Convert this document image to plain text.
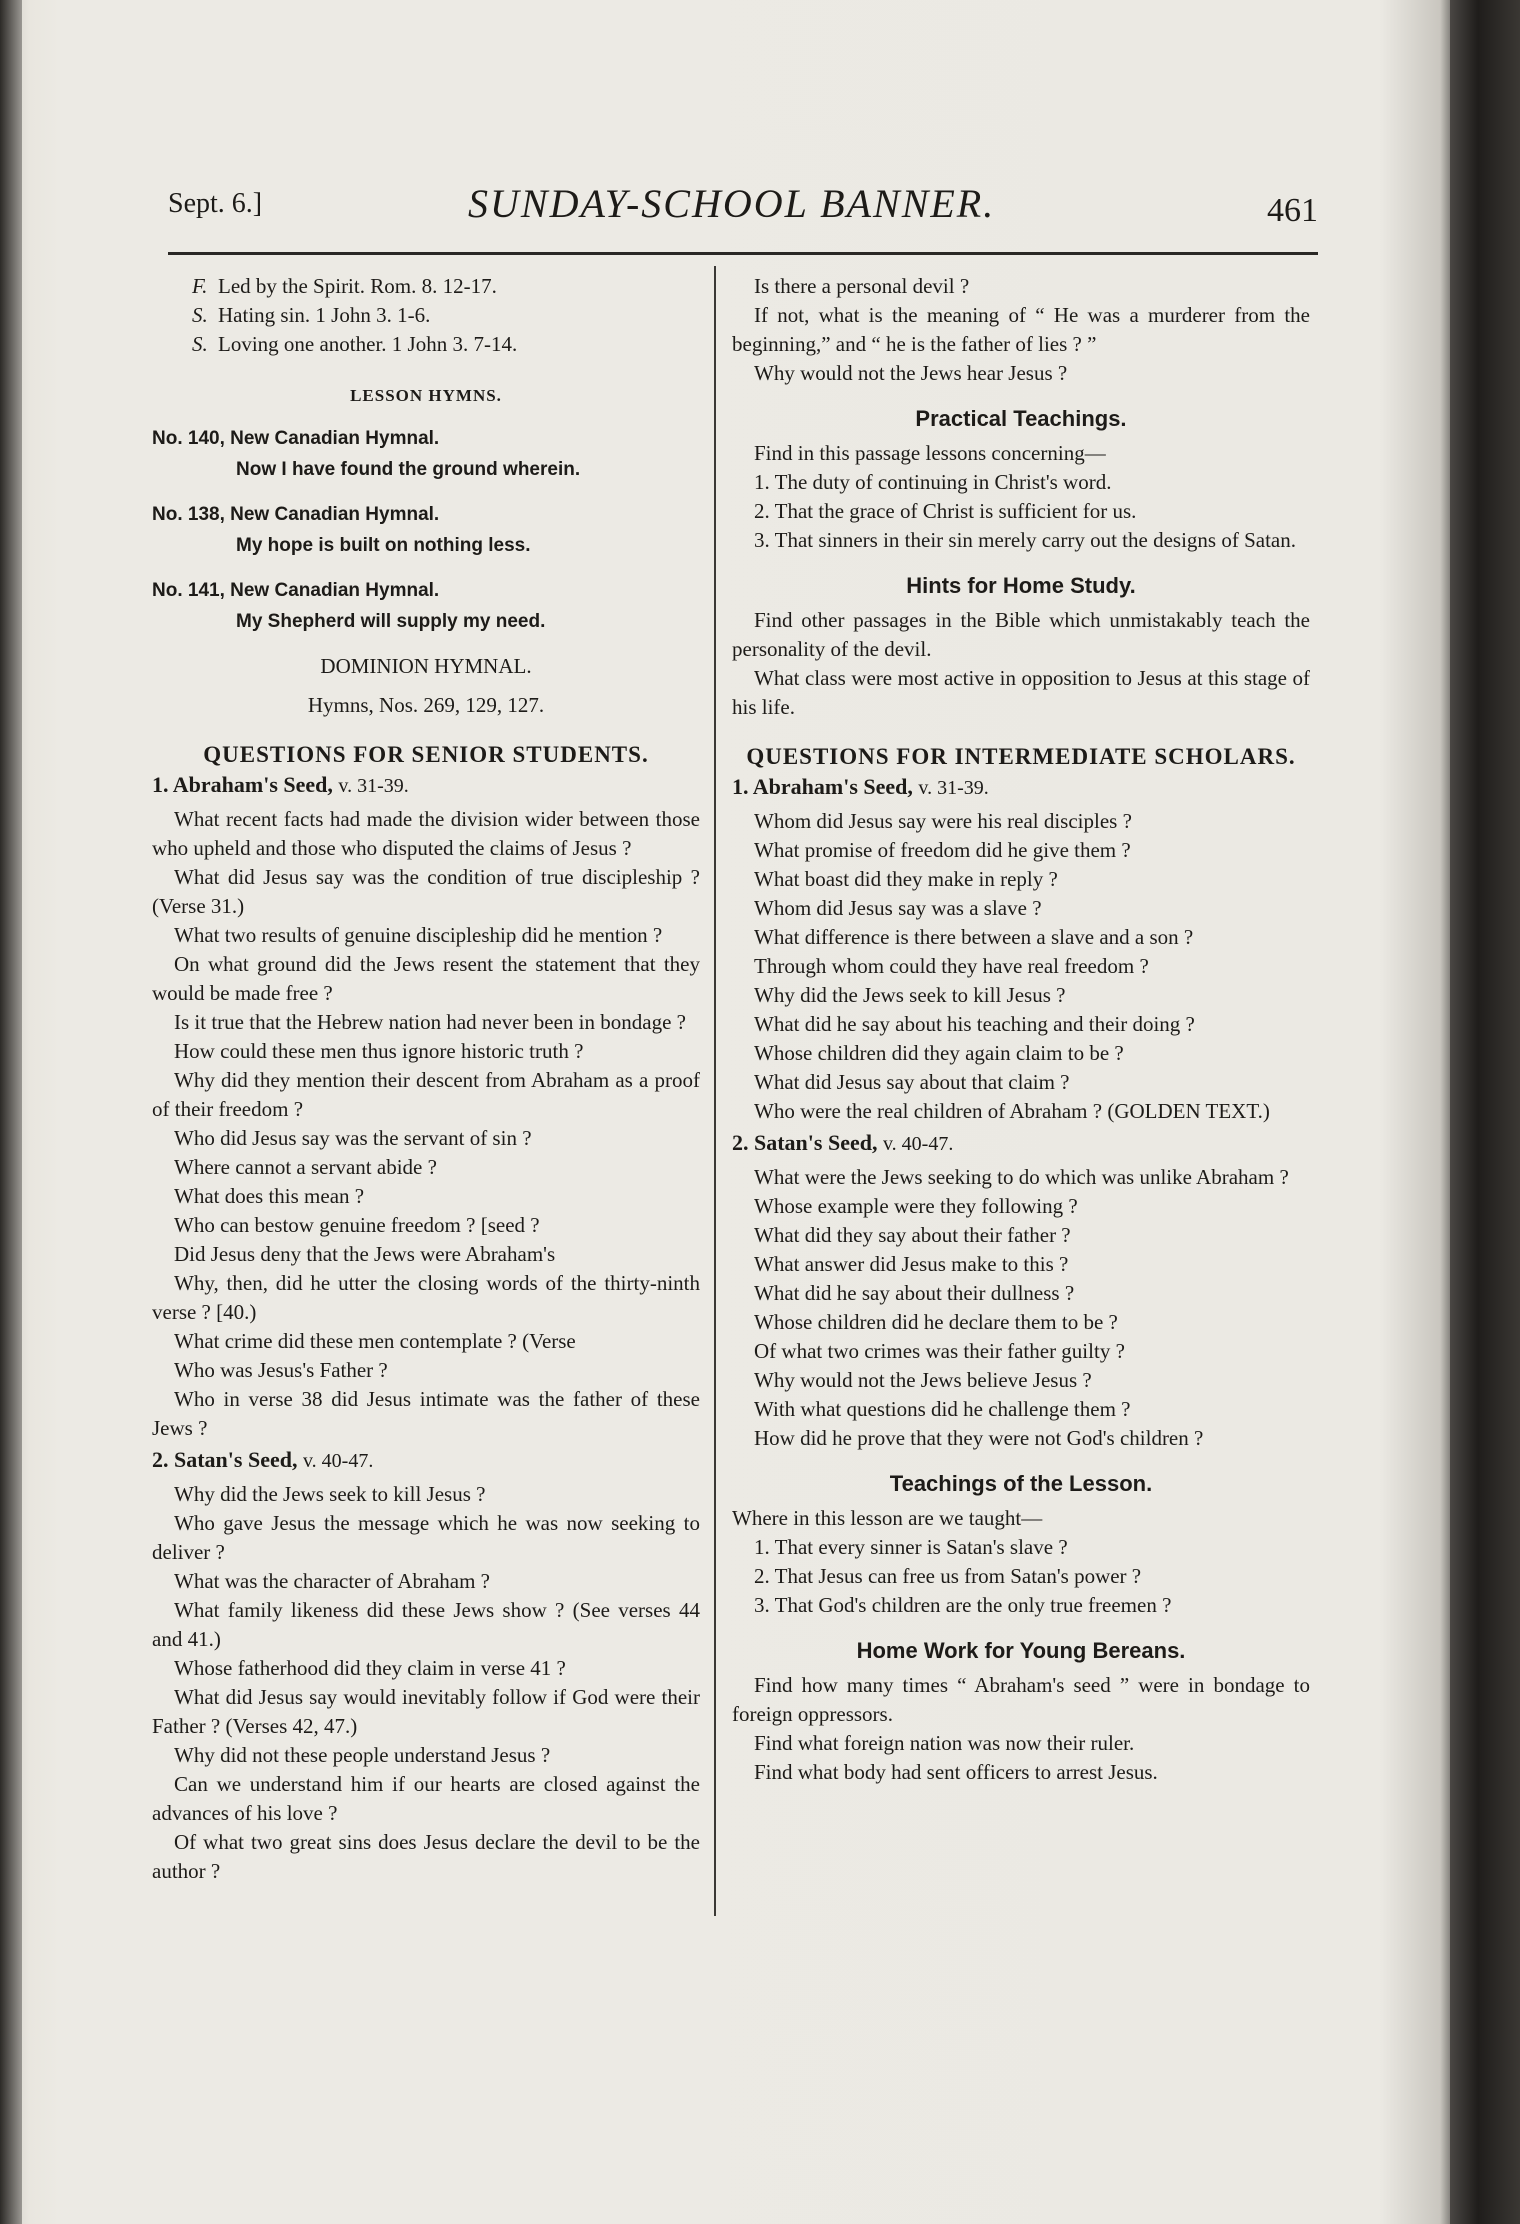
Sept. 6.]	SUNDAY-SCHOOL BANNER.	461

F. Led by the Spirit. Rom. 8. 12-17.

S. Hating sin. 1 John 3. 1-6.

S. Loving one another. 1 John 3. 7-14.

LESSON HYMNS.

No. 140, New Canadian Hymnal.

Now I have found the ground wherein.

No. 138, New Canadian Hymnal.

My hope is built on nothing less.

No. 141, New Canadian Hymnal.

My Shepherd will supply my need.

DOMINION HYMNAL.
Hymns, Nos. 269, 129, 127.
QUESTIONS FOR SENIOR STUDENTS.
1. Abraham's Seed, v. 31-39.

What recent facts had made the division wider between those who upheld and those who disputed the claims of Jesus ?

What did Jesus say was the condition of true discipleship ? (Verse 31.)

What two results of genuine discipleship did he mention ?

On what ground did the Jews resent the statement that they would be made free ?

Is it true that the Hebrew nation had never been in bondage ?

How could these men thus ignore historic truth ?

Why did they mention their descent from Abraham as a proof of their freedom ?

Who did Jesus say was the servant of sin ?

Where cannot a servant abide ?

What does this mean ?

Who can bestow genuine freedom ? [seed ?

Did Jesus deny that the Jews were Abraham's

Why, then, did he utter the closing words of the thirty-ninth verse ? [40.)

What crime did these men contemplate ? (Verse

Who was Jesus's Father ?

Who in verse 38 did Jesus intimate was the father of these Jews ?

2. Satan's Seed, v. 40-47.

Why did the Jews seek to kill Jesus ?

Who gave Jesus the message which he was now seeking to deliver ?

What was the character of Abraham ?

What family likeness did these Jews show ? (See verses 44 and 41.)

Whose fatherhood did they claim in verse 41 ?

What did Jesus say would inevitably follow if God were their Father ? (Verses 42, 47.)

Why did not these people understand Jesus ?

Can we understand him if our hearts are closed against the advances of his love ?

Of what two great sins does Jesus declare the devil to be the author ?

Is there a personal devil ?

If not, what is the meaning of “ He was a murderer from the beginning,” and “ he is the father of lies ? ”

Why would not the Jews hear Jesus ?

Practical Teachings.

Find in this passage lessons concerning—

1. The duty of continuing in Christ's word.

2. That the grace of Christ is sufficient for us.

3. That sinners in their sin merely carry out the designs of Satan.

Hints for Home Study.

Find other passages in the Bible which unmistakably teach the personality of the devil.

What class were most active in opposition to Jesus at this stage of his life.

QUESTIONS FOR INTERMEDIATE SCHOLARS.
1. Abraham's Seed, v. 31-39.

Whom did Jesus say were his real disciples ?

What promise of freedom did he give them ?

What boast did they make in reply ?

Whom did Jesus say was a slave ?

What difference is there between a slave and a son ?

Through whom could they have real freedom ?

Why did the Jews seek to kill Jesus ?

What did he say about his teaching and their doing ?

Whose children did they again claim to be ?

What did Jesus say about that claim ?

Who were the real children of Abraham ? (GOLDEN TEXT.)

2. Satan's Seed, v. 40-47.

What were the Jews seeking to do which was unlike Abraham ?

Whose example were they following ?

What did they say about their father ?

What answer did Jesus make to this ?

What did he say about their dullness ?

Whose children did he declare them to be ?

Of what two crimes was their father guilty ?

Why would not the Jews believe Jesus ?

With what questions did he challenge them ?

How did he prove that they were not God's children ?

Teachings of the Lesson.

Where in this lesson are we taught—

1. That every sinner is Satan's slave ?

2. That Jesus can free us from Satan's power ?

3. That God's children are the only true freemen ?

Home Work for Young Bereans.

Find how many times “ Abraham's seed ” were in bondage to foreign oppressors.

Find what foreign nation was now their ruler.

Find what body had sent officers to arrest Jesus.
